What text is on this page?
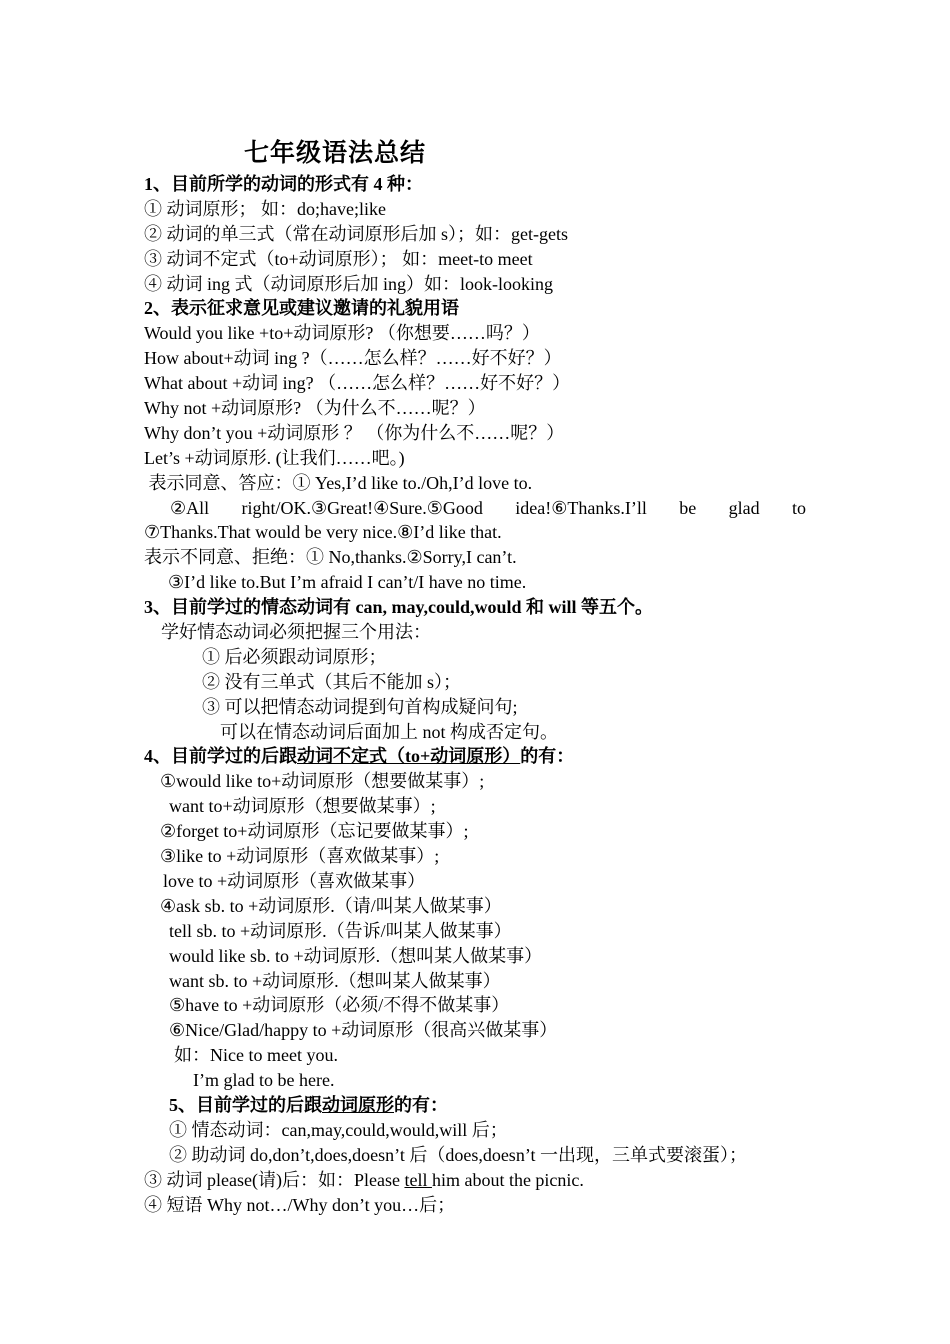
七年级语法总结
1、目前所学的动词的形式有 4 种：
① 动词原形； 如：do;have;like
② 动词的单三式（常在动词原形后加 s）；如：get-gets
③ 动词不定式（to+动词原形）； 如：meet-to meet
④ 动词 ing 式（动词原形后加 ing）如：look-looking
2、表示征求意见或建议邀请的礼貌用语
Would you like +to+动词原形? （你想要……吗？）
How about+动词 ing ?（……怎么样？……好不好？）
What about +动词 ing? （……怎么样？……好不好？）
Why not +动词原形? （为什么不……呢？）
Why don’t you +动词原形 ？ （你为什么不……呢？）
Let’s +动词原形. (让我们……吧。)
表示同意、答应：① Yes,I’d like to./Oh,I’d love to.
②All right/OK.③Great!④Sure.⑤Good idea!⑥Thanks.I’ll be glad to
⑦Thanks.That would be very nice.⑧I’d like that.
表示不同意、拒绝：① No,thanks.②Sorry,I can’t.
③I’d like to.But I’m afraid I can’t/I have no time.
3、目前学过的情态动词有 can, may,could,would 和 will 等五个。
学好情态动词必须把握三个用法：
① 后必须跟动词原形；
② 没有三单式（其后不能加 s）；
③ 可以把情态动词提到句首构成疑问句;
可以在情态动词后面加上 not 构成否定句。
4、目前学过的后跟动词不定式（to+动词原形）的有：
①would like to+动词原形（想要做某事）;
want to+动词原形（想要做某事）;
②forget to+动词原形（忘记要做某事）;
③like to +动词原形（喜欢做某事）;
love to +动词原形（喜欢做某事）
④ask sb. to +动词原形.（请/叫某人做某事）
tell sb. to +动词原形.（告诉/叫某人做某事）
would like sb. to +动词原形.（想叫某人做某事）
want sb. to +动词原形.（想叫某人做某事）
⑤have to +动词原形（必须/不得不做某事）
⑥Nice/Glad/happy to +动词原形（很高兴做某事）
如：Nice to meet you.
I’m glad to be here.
5、目前学过的后跟动词原形的有：
① 情态动词：can,may,could,would,will 后；
② 助动词 do,don’t,does,doesn’t 后（does,doesn’t 一出现，三单式要滚蛋）；
③ 动词 please(请)后：如：Please tell him about the picnic.
④ 短语 Why not…/Why don’t you…后；
